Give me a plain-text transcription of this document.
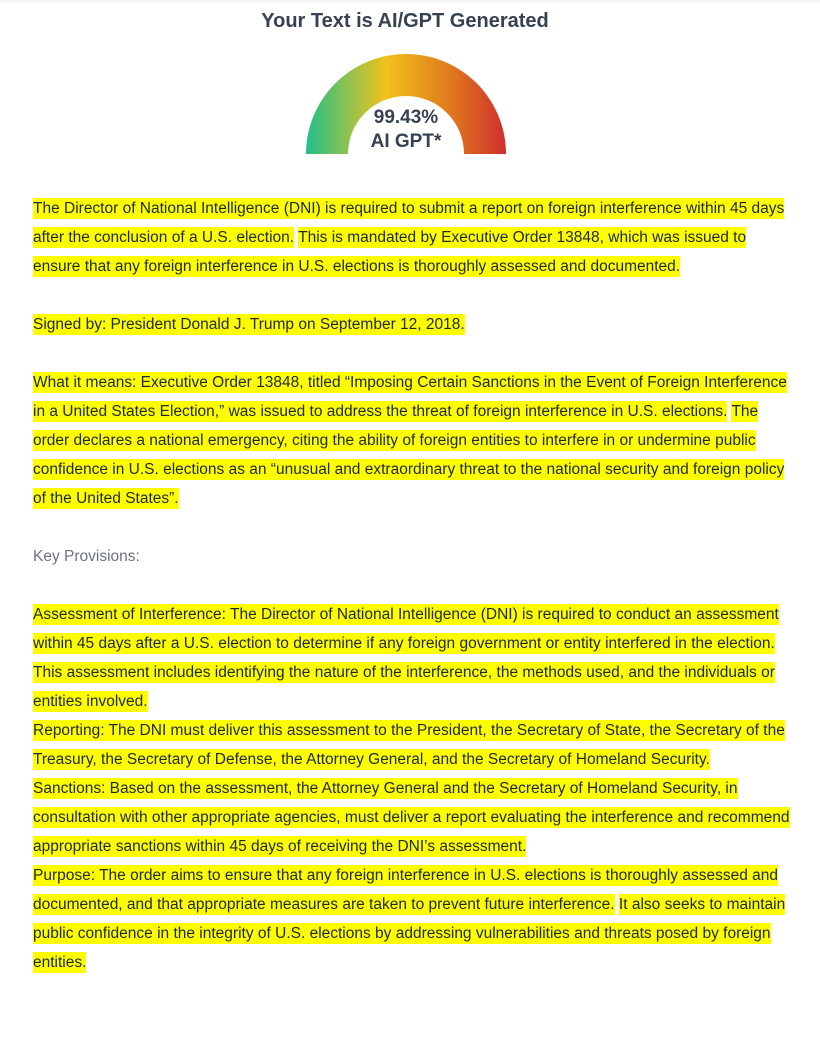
Your Text is AI/GPT Generated
99.43%
AI GPT*

The Director of National Intelligence (DNI) is required to submit a report on foreign interference within 45 days after the conclusion of a U.S. election. This is mandated by Executive Order 13848, which was issued to ensure that any foreign interference in U.S. elections is thoroughly assessed and documented.

Signed by: President Donald J. Trump on September 12, 2018.

What it means: Executive Order 13848, titled “Imposing Certain Sanctions in the Event of Foreign Interference in a United States Election,” was issued to address the threat of foreign interference in U.S. elections. The order declares a national emergency, citing the ability of foreign entities to interfere in or undermine public confidence in U.S. elections as an “unusual and extraordinary threat to the national security and foreign policy of the United States”.

Key Provisions:

Assessment of Interference: The Director of National Intelligence (DNI) is required to conduct an assessment within 45 days after a U.S. election to determine if any foreign government or entity interfered in the election. This assessment includes identifying the nature of the interference, the methods used, and the individuals or entities involved.

Reporting: The DNI must deliver this assessment to the President, the Secretary of State, the Secretary of the Treasury, the Secretary of Defense, the Attorney General, and the Secretary of Homeland Security.

Sanctions: Based on the assessment, the Attorney General and the Secretary of Homeland Security, in consultation with other appropriate agencies, must deliver a report evaluating the interference and recommend appropriate sanctions within 45 days of receiving the DNI’s assessment.

Purpose: The order aims to ensure that any foreign interference in U.S. elections is thoroughly assessed and documented, and that appropriate measures are taken to prevent future interference. It also seeks to maintain public confidence in the integrity of U.S. elections by addressing vulnerabilities and threats posed by foreign entities.
